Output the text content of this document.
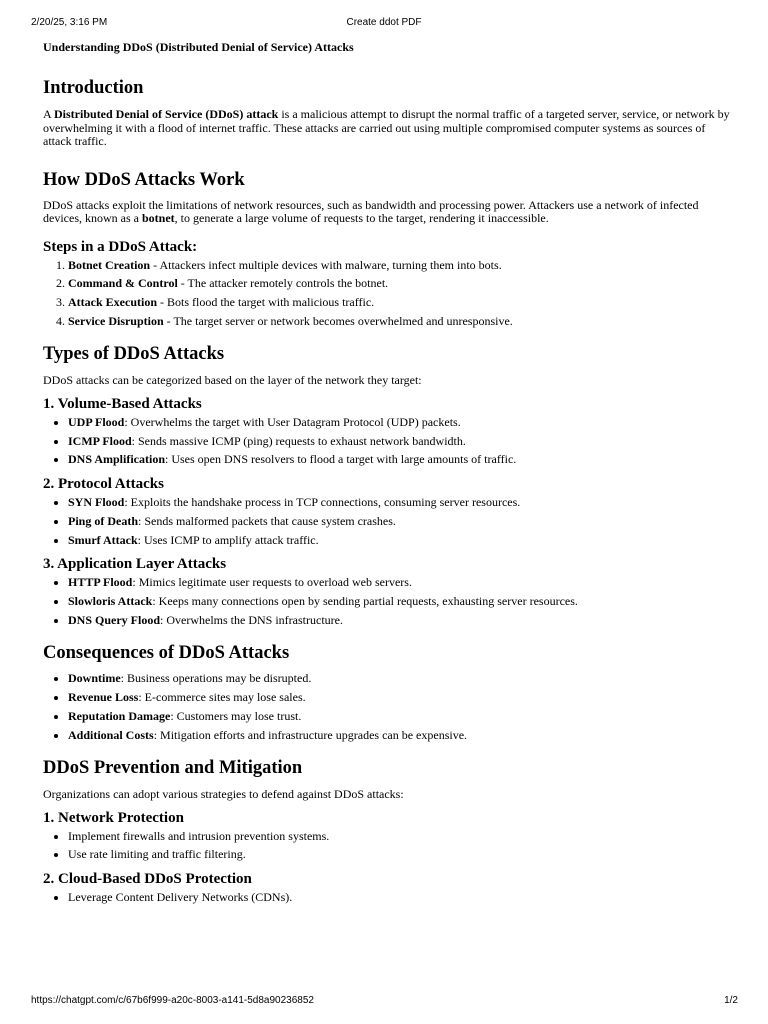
2/20/25, 3:16 PM	Create ddot PDF

Understanding DDoS (Distributed Denial of Service) Attacks

Introduction

A Distributed Denial of Service (DDoS) attack is a malicious attempt to disrupt the normal traffic of a targeted server, service, or network by overwhelming it with a flood of internet traffic. These attacks are carried out using multiple compromised computer systems as sources of attack traffic.

How DDoS Attacks Work

DDoS attacks exploit the limitations of network resources, such as bandwidth and processing power. Attackers use a network of infected devices, known as a botnet, to generate a large volume of requests to the target, rendering it inaccessible.

Steps in a DDoS Attack:
1. Botnet Creation - Attackers infect multiple devices with malware, turning them into bots.
2. Command & Control - The attacker remotely controls the botnet.
3. Attack Execution - Bots flood the target with malicious traffic.
4. Service Disruption - The target server or network becomes overwhelmed and unresponsive.
Types of DDoS Attacks

DDoS attacks can be categorized based on the layer of the network they target:

1. Volume-Based Attacks
• UDP Flood: Overwhelms the target with User Datagram Protocol (UDP) packets.
• ICMP Flood: Sends massive ICMP (ping) requests to exhaust network bandwidth.
• DNS Amplification: Uses open DNS resolvers to flood a target with large amounts of traffic.
2. Protocol Attacks
• SYN Flood: Exploits the handshake process in TCP connections, consuming server resources.
• Ping of Death: Sends malformed packets that cause system crashes.
• Smurf Attack: Uses ICMP to amplify attack traffic.
3. Application Layer Attacks
• HTTP Flood: Mimics legitimate user requests to overload web servers.
• Slowloris Attack: Keeps many connections open by sending partial requests, exhausting server resources.
• DNS Query Flood: Overwhelms the DNS infrastructure.
Consequences of DDoS Attacks
• Downtime: Business operations may be disrupted.
• Revenue Loss: E-commerce sites may lose sales.
• Reputation Damage: Customers may lose trust.
• Additional Costs: Mitigation efforts and infrastructure upgrades can be expensive.
DDoS Prevention and Mitigation

Organizations can adopt various strategies to defend against DDoS attacks:

1. Network Protection
• Implement firewalls and intrusion prevention systems.
• Use rate limiting and traffic filtering.
2. Cloud-Based DDoS Protection
• Leverage Content Delivery Networks (CDNs).
https://chatgpt.com/c/67b6f999-a20c-8003-a141-5d8a90236852	1/2
